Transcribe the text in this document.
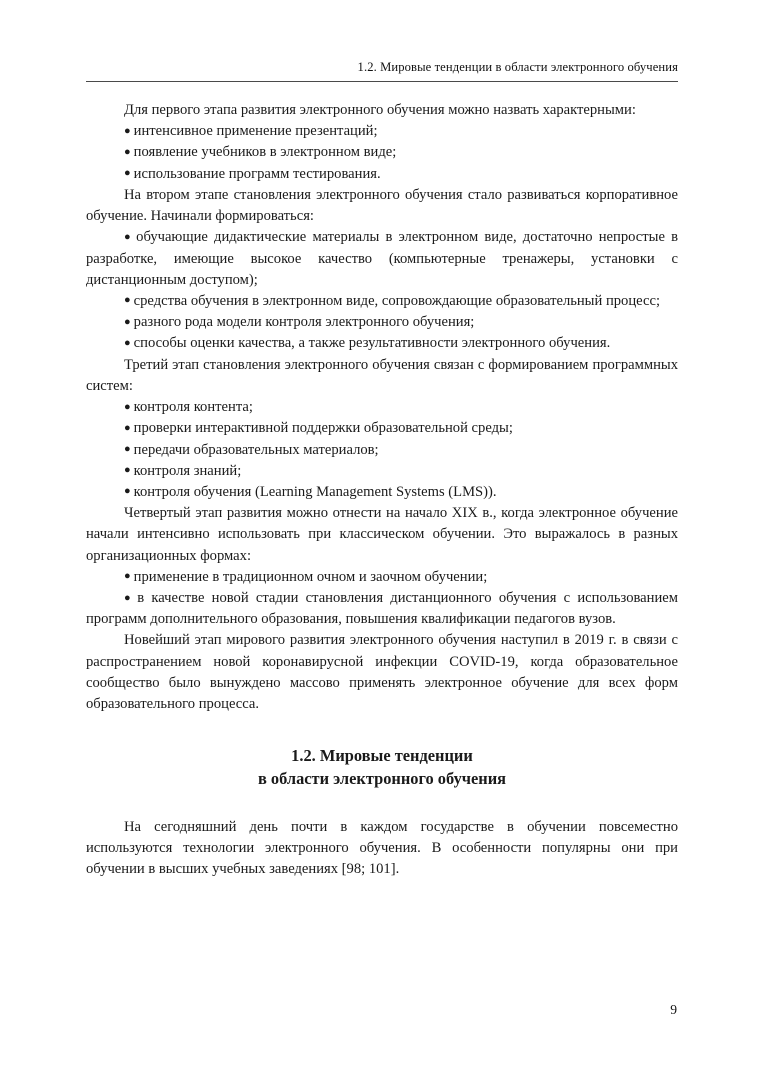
1.2. Мировые тенденции в области электронного обучения

Для первого этапа развития электронного обучения можно назвать характерными:

● интенсивное применение презентаций;

● появление учебников в электронном виде;

● использование программ тестирования.

На втором этапе становления электронного обучения стало развиваться корпоративное обучение. Начинали формироваться:

● обучающие дидактические материалы в электронном виде, достаточно непростые в разработке, имеющие высокое качество (компьютерные тренажеры, установки с дистанционным доступом);

● средства обучения в электронном виде, сопровождающие образовательный процесс;

● разного рода модели контроля электронного обучения;

● способы оценки качества, а также результативности электронного обучения.

Третий этап становления электронного обучения связан с формированием программных систем:

● контроля контента;

● проверки интерактивной поддержки образовательной среды;

● передачи образовательных материалов;

● контроля знаний;

● контроля обучения (Learning Management Systems (LMS)).

Четвертый этап развития можно отнести на начало XIX в., когда электронное обучение начали интенсивно использовать при классическом обучении. Это выражалось в разных организационных формах:

● применение в традиционном очном и заочном обучении;

● в качестве новой стадии становления дистанционного обучения с использованием программ дополнительного образования, повышения квалификации педагогов вузов.

Новейший этап мирового развития электронного обучения наступил в 2019 г. в связи с распространением новой коронавирусной инфекции COVID-19, когда образовательное сообщество было вынуждено массово применять электронное обучение для всех форм образовательного процесса.

1.2. Мировые тенденции
в области электронного обучения

На сегодняшний день почти в каждом государстве в обучении повсеместно используются технологии электронного обучения. В особенности популярны они при обучении в высших учебных заведениях [98; 101].

9
